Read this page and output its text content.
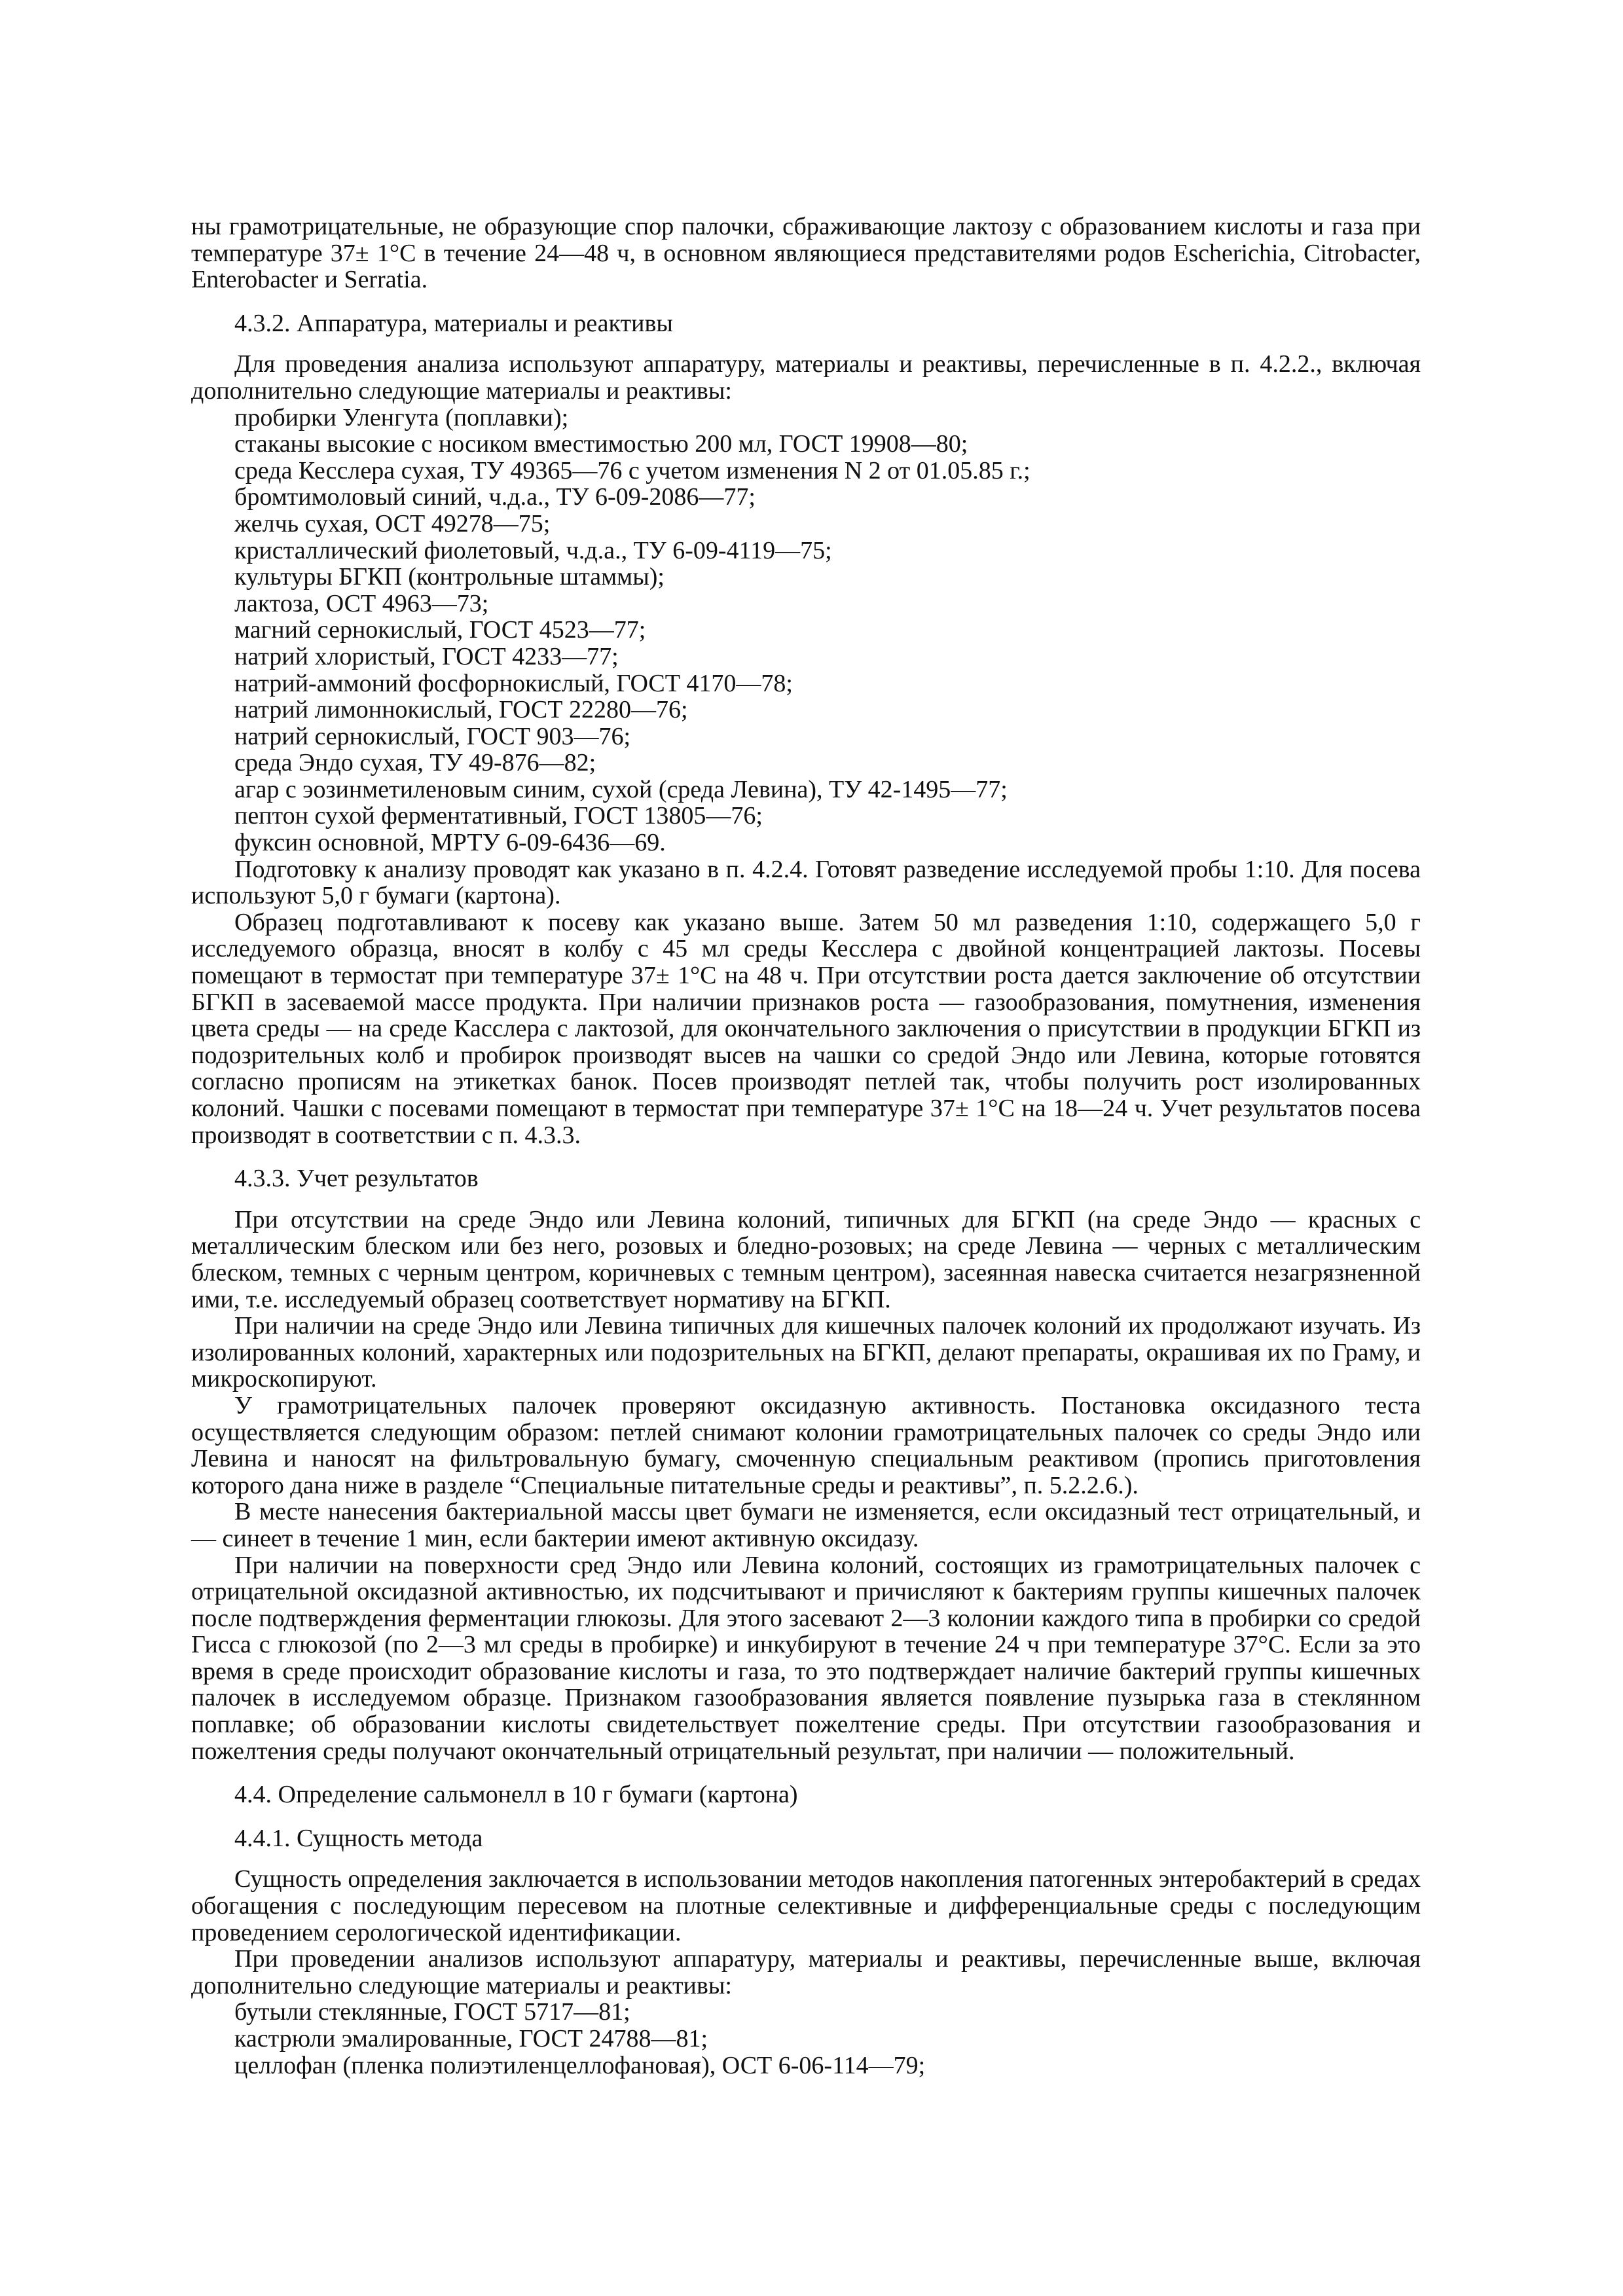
ны грамотрицательные, не образующие спор палочки, сбраживающие лактозу с образованием кислоты и газа при температуре 37± 1°С в течение 24—48 ч, в основном являющиеся представителями родов Escherichia, Citrobacter, Enterobacter и Serratia.

4.3.2. Аппаратура, материалы и реактивы

Для проведения анализа используют аппаратуру, материалы и реактивы, перечисленные в п. 4.2.2., включая дополнительно следующие материалы и реактивы:

пробирки Уленгута (поплавки);

стаканы высокие с носиком вместимостью 200 мл, ГОСТ 19908—80;

среда Кесслера сухая, ТУ 49365—76 с учетом изменения N 2 от 01.05.85 г.;

бромтимоловый синий, ч.д.а., ТУ 6-09-2086—77;

желчь сухая, ОСТ 49278—75;

кристаллический фиолетовый, ч.д.а., ТУ 6-09-4119—75;

культуры БГКП (контрольные штаммы);

лактоза, ОСТ 4963—73;

магний сернокислый, ГОСТ 4523—77;

натрий хлористый, ГОСТ 4233—77;

натрий-аммоний фосфорнокислый, ГОСТ 4170—78;

натрий лимоннокислый, ГОСТ 22280—76;

натрий сернокислый, ГОСТ 903—76;

среда Эндо сухая, ТУ 49-876—82;

агар с эозинметиленовым синим, сухой (среда Левина), ТУ 42-1495—77;

пептон сухой ферментативный, ГОСТ 13805—76;

фуксин основной, МРТУ 6-09-6436—69.

Подготовку к анализу проводят как указано в п. 4.2.4. Готовят разведение исследуемой пробы 1:10. Для посева используют 5,0 г бумаги (картона).

Образец подготавливают к посеву как указано выше. Затем 50 мл разведения 1:10, содержащего 5,0 г исследуемого образца, вносят в колбу с 45 мл среды Кесслера с двойной концентрацией лактозы. Посевы помещают в термостат при температуре 37± 1°С на 48 ч. При отсутствии роста дается заключение об отсутствии БГКП в засеваемой массе продукта. При наличии признаков роста — газообразования, помутнения, изменения цвета среды — на среде Касслера с лактозой, для окончательного заключения о присутствии в продукции БГКП из подозрительных колб и пробирок производят высев на чашки со средой Эндо или Левина, которые готовятся согласно прописям на этикетках банок. Посев производят петлей так, чтобы получить рост изолированных колоний. Чашки с посевами помещают в термостат при температуре 37± 1°С на 18—24 ч. Учет результатов посева производят в соответствии с п. 4.3.3.

4.3.3. Учет результатов

При отсутствии на среде Эндо или Левина колоний, типичных для БГКП (на среде Эндо — красных с металлическим блеском или без него, розовых и бледно-розовых; на среде Левина — черных с металлическим блеском, темных с черным центром, коричневых с темным центром), засеянная навеска считается незагрязненной ими, т.е. исследуемый образец соответствует нормативу на БГКП.

При наличии на среде Эндо или Левина типичных для кишечных палочек колоний их продолжают изучать. Из изолированных колоний, характерных или подозрительных на БГКП, делают препараты, окрашивая их по Граму, и микроскопируют.

У грамотрицательных палочек проверяют оксидазную активность. Постановка оксидазного теста осуществляется следующим образом: петлей снимают колонии грамотрицательных палочек со среды Эндо или Левина и наносят на фильтровальную бумагу, смоченную специальным реактивом (пропись приготовления которого дана ниже в разделе “Специальные питательные среды и реактивы”, п. 5.2.2.6.).

В месте нанесения бактериальной массы цвет бумаги не изменяется, если оксидазный тест отрицательный, и — синеет в течение 1 мин, если бактерии имеют активную оксидазу.

При наличии на поверхности сред Эндо или Левина колоний, состоящих из грамотрицательных палочек с отрицательной оксидазной активностью, их подсчитывают и причисляют к бактериям группы кишечных палочек после подтверждения ферментации глюкозы. Для этого засевают 2—3 колонии каждого типа в пробирки со средой Гисса с глюкозой (по 2—3 мл среды в пробирке) и инкубируют в течение 24 ч при температуре 37°С. Если за это время в среде происходит образование кислоты и газа, то это подтверждает наличие бактерий группы кишечных палочек в исследуемом образце. Признаком газообразования является появление пузырька газа в стеклянном поплавке; об образовании кислоты свидетельствует пожелтение среды. При отсутствии газообразования и пожелтения среды получают окончательный отрицательный результат, при наличии — положительный.

4.4. Определение сальмонелл в 10 г бумаги (картона)

4.4.1. Сущность метода

Сущность определения заключается в использовании методов накопления патогенных энтеробактерий в средах обогащения с последующим пересевом на плотные селективные и дифференциальные среды с последующим проведением серологической идентификации.

При проведении анализов используют аппаратуру, материалы и реактивы, перечисленные выше, включая дополнительно следующие материалы и реактивы:

бутыли стеклянные, ГОСТ 5717—81;

кастрюли эмалированные, ГОСТ 24788—81;

целлофан (пленка полиэтиленцеллофановая), ОСТ 6-06-114—79;
